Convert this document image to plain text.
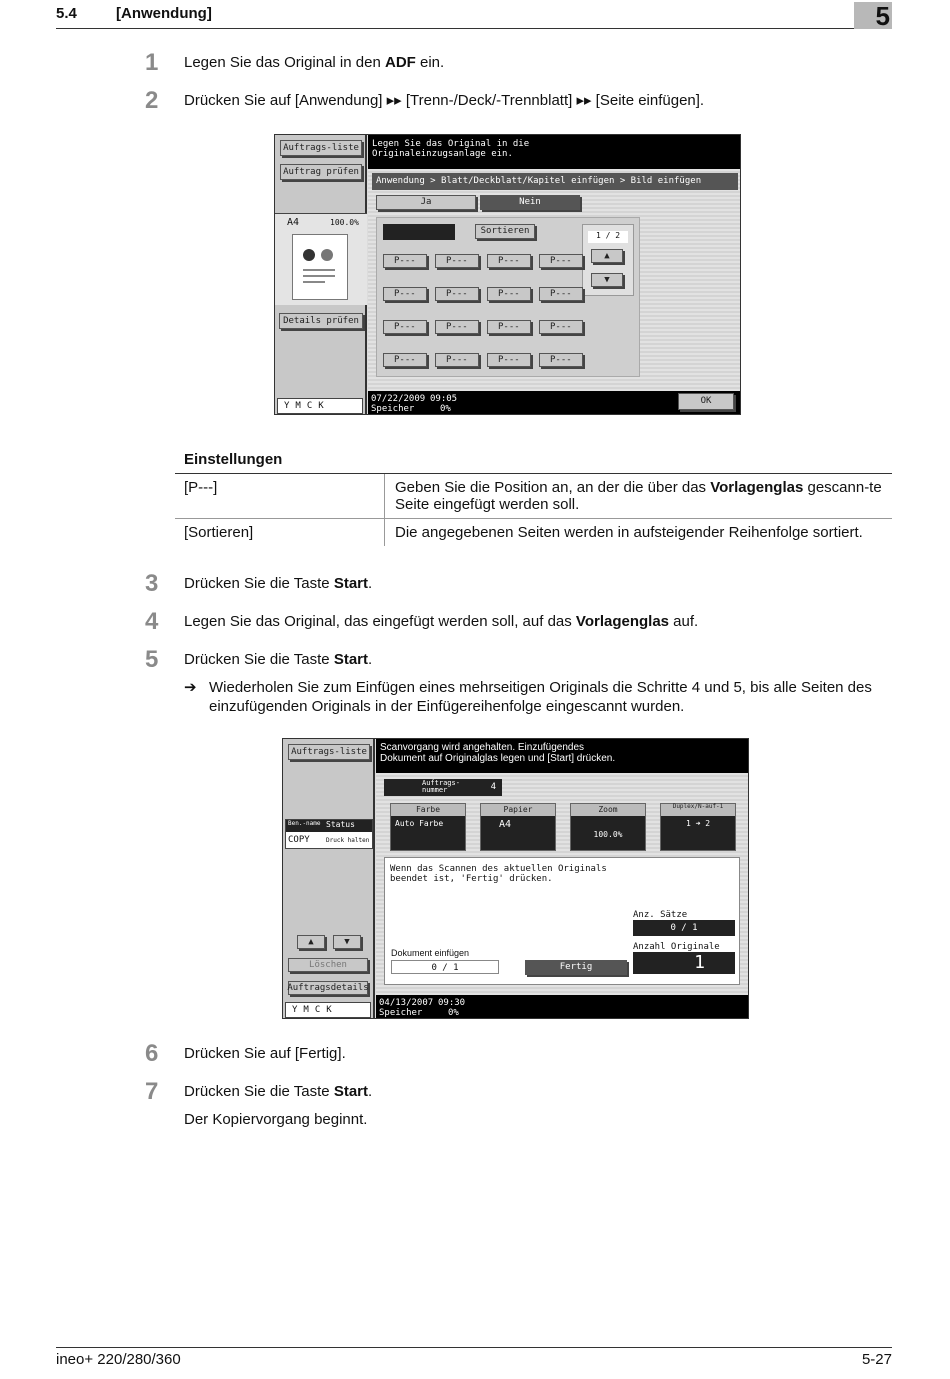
5.4	[Anwendung]	5
1 Legen Sie das Original in den ADF ein.
2 Drücken Sie auf [Anwendung] ▸▸ [Trenn-/Deck/-Trennblatt] ▸▸ [Seite einfügen].
Auftrags-liste
Auftrag prüfen
A4	100.0%
Details prüfen
Y M C K
Legen Sie das Original in die
Originaleinzugsanlage ein.
Anwendung > Blatt/Deckblatt/Kapitel einfügen > Bild einfügen
Ja	Nein
Sortieren	1 / 2
▲
▼
P---	P---	P---	P---
P---	P---	P---	P---
P---	P---	P---	P---
P---	P---	P---	P---
07/22/2009 09:05
Speicher	0%
OK
Einstellungen
[P---]	Geben Sie die Position an, an der die über das Vorlagenglas gescann-te Seite eingefügt werden soll.
[Sortieren]	Die angegebenen Seiten werden in aufsteigender Reihenfolge sortiert.
3 Drücken Sie die Taste Start.
4 Legen Sie das Original, das eingefügt werden soll, auf das Vorlagenglas auf.
5 Drücken Sie die Taste Start.
➔ Wiederholen Sie zum Einfügen eines mehrseitigen Originals die Schritte 4 und 5, bis alle Seiten des einzufügenden Originals in der Einfügereihenfolge eingescannt wurden.
Auftrags-liste
Ben.-name Status
COPY	Druck halten
▲	▼
Löschen
Auftragsdetails
Y M C K
Scanvorgang wird angehalten. Einzufügendes
Dokument auf Originalglas legen und [Start] drücken.
Auftrags-nummer	4
Wenn das Scannen des aktuellen Originals
beendet ist, 'Fertig' drücken.
Anz. Sätze
0 / 1
Anzahl Originale
1
Dokument einfügen
0 / 1	Fertig
Farbe
Auto Farbe
Papier
A4
Zoom
100.0%
Duplex/N-auf-1
1 ➜ 2
04/13/2007 09:30
Speicher	0%
6 Drücken Sie auf [Fertig].
7 Drücken Sie die Taste Start.
Der Kopiervorgang beginnt.
ineo+ 220/280/360	5-27
